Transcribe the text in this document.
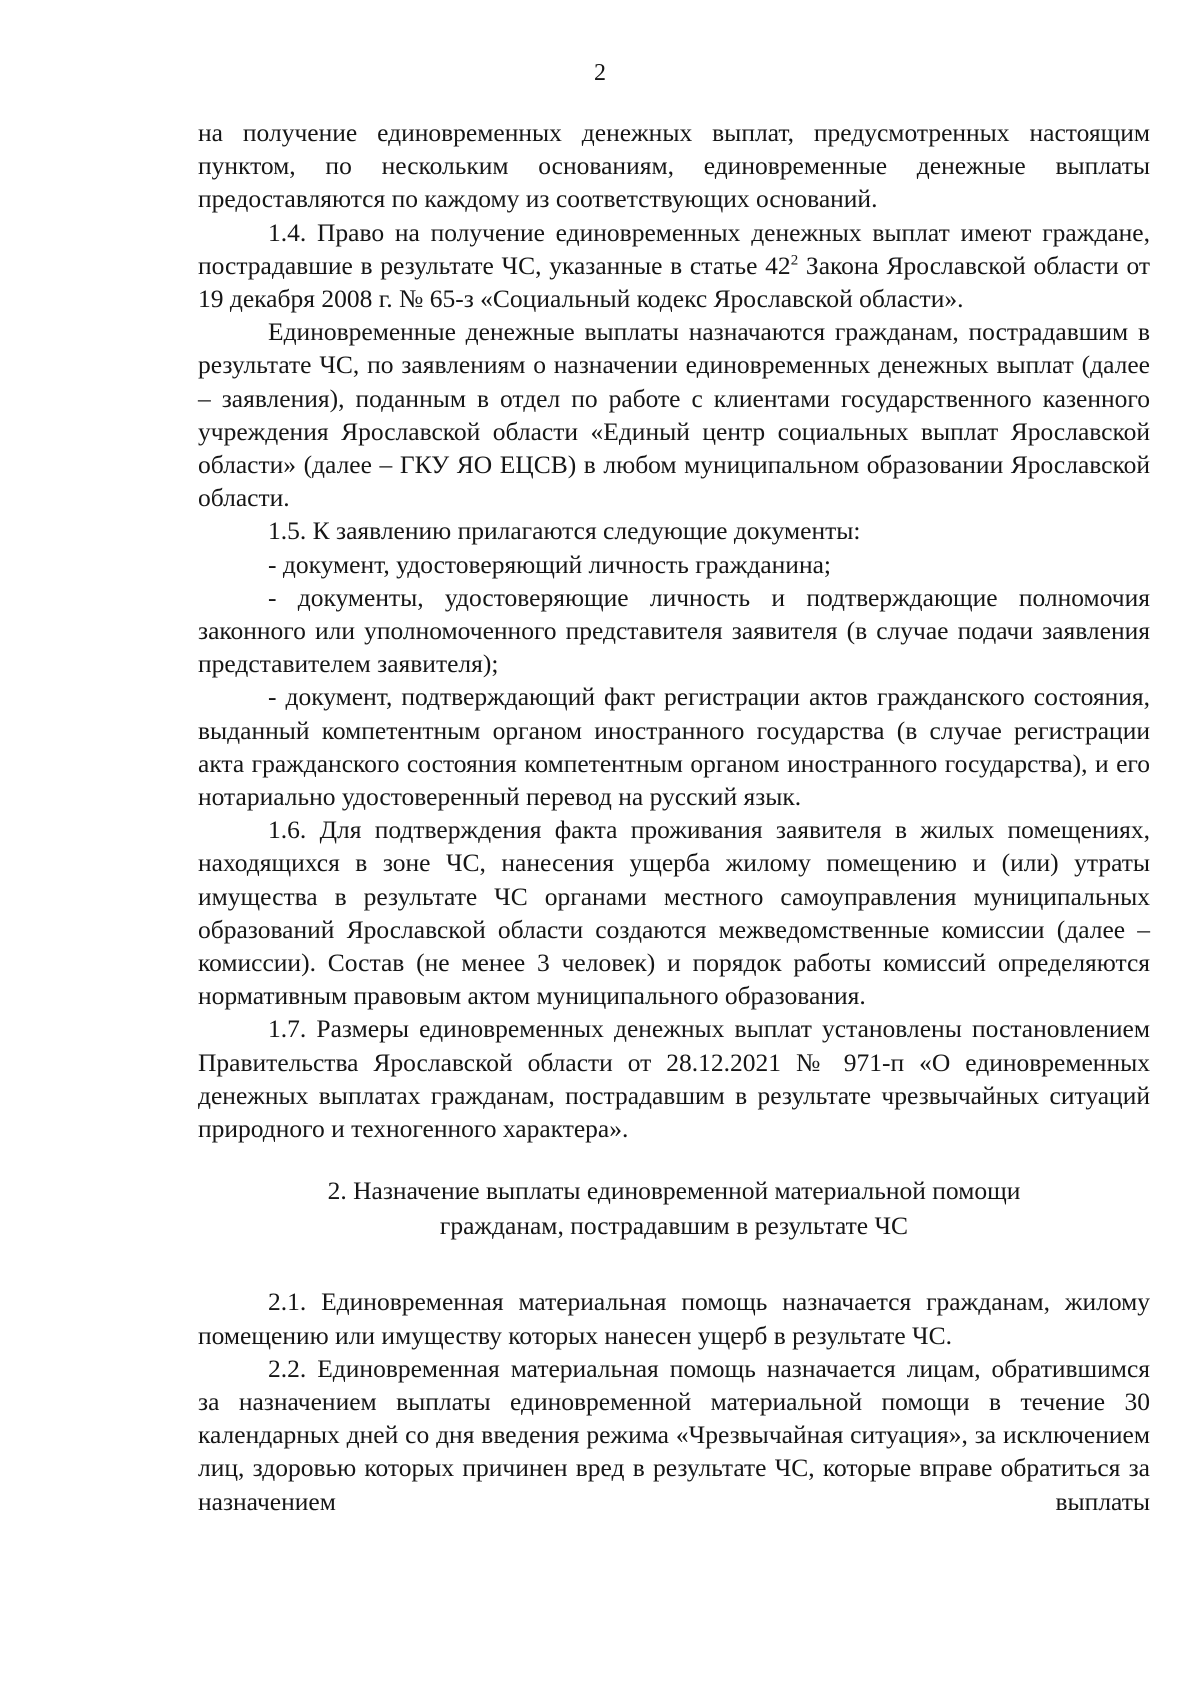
2

на получение единовременных денежных выплат, предусмотренных настоящим пунктом, по нескольким основаниям, единовременные денежные выплаты предоставляются по каждому из соответствующих оснований.

1.4. Право на получение единовременных денежных выплат имеют граждане, пострадавшие в результате ЧС, указанные в статье $42^2$ Закона Ярославской области от 19 декабря 2008 г. № 65-з «Социальный кодекс Ярославской области».

Единовременные денежные выплаты назначаются гражданам, пострадавшим в результате ЧС, по заявлениям о назначении единовременных денежных выплат (далее – заявления), поданным в отдел по работе с клиентами государственного казенного учреждения Ярославской области «Единый центр социальных выплат Ярославской области» (далее – ГКУ ЯО ЕЦСВ) в любом муниципальном образовании Ярославской области.

1.5. К заявлению прилагаются следующие документы:

- документ, удостоверяющий личность гражданина;

- документы, удостоверяющие личность и подтверждающие полномочия законного или уполномоченного представителя заявителя (в случае подачи заявления представителем заявителя);

- документ, подтверждающий факт регистрации актов гражданского состояния, выданный компетентным органом иностранного государства (в случае регистрации акта гражданского состояния компетентным органом иностранного государства), и его нотариально удостоверенный перевод на русский язык.

1.6. Для подтверждения факта проживания заявителя в жилых помещениях, находящихся в зоне ЧС, нанесения ущерба жилому помещению и (или) утраты имущества в результате ЧС органами местного самоуправления муниципальных образований Ярославской области создаются межведомственные комиссии (далее – комиссии). Состав (не менее 3 человек) и порядок работы комиссий определяются нормативным правовым актом муниципального образования.

1.7. Размеры единовременных денежных выплат установлены постановлением Правительства Ярославской области от 28.12.2021 № 971-п «О единовременных денежных выплатах гражданам, пострадавшим в результате чрезвычайных ситуаций природного и техногенного характера».

2. Назначение выплаты единовременной материальной помощи
гражданам, пострадавшим в результате ЧС

2.1. Единовременная материальная помощь назначается гражданам, жилому помещению или имуществу которых нанесен ущерб в результате ЧС.

2.2. Единовременная материальная помощь назначается лицам, обратившимся за назначением выплаты единовременной материальной помощи в течение 30 календарных дней со дня введения режима «Чрезвычайная ситуация», за исключением лиц, здоровью которых причинен вред в результате ЧС, которые вправе обратиться за назначением выплаты
